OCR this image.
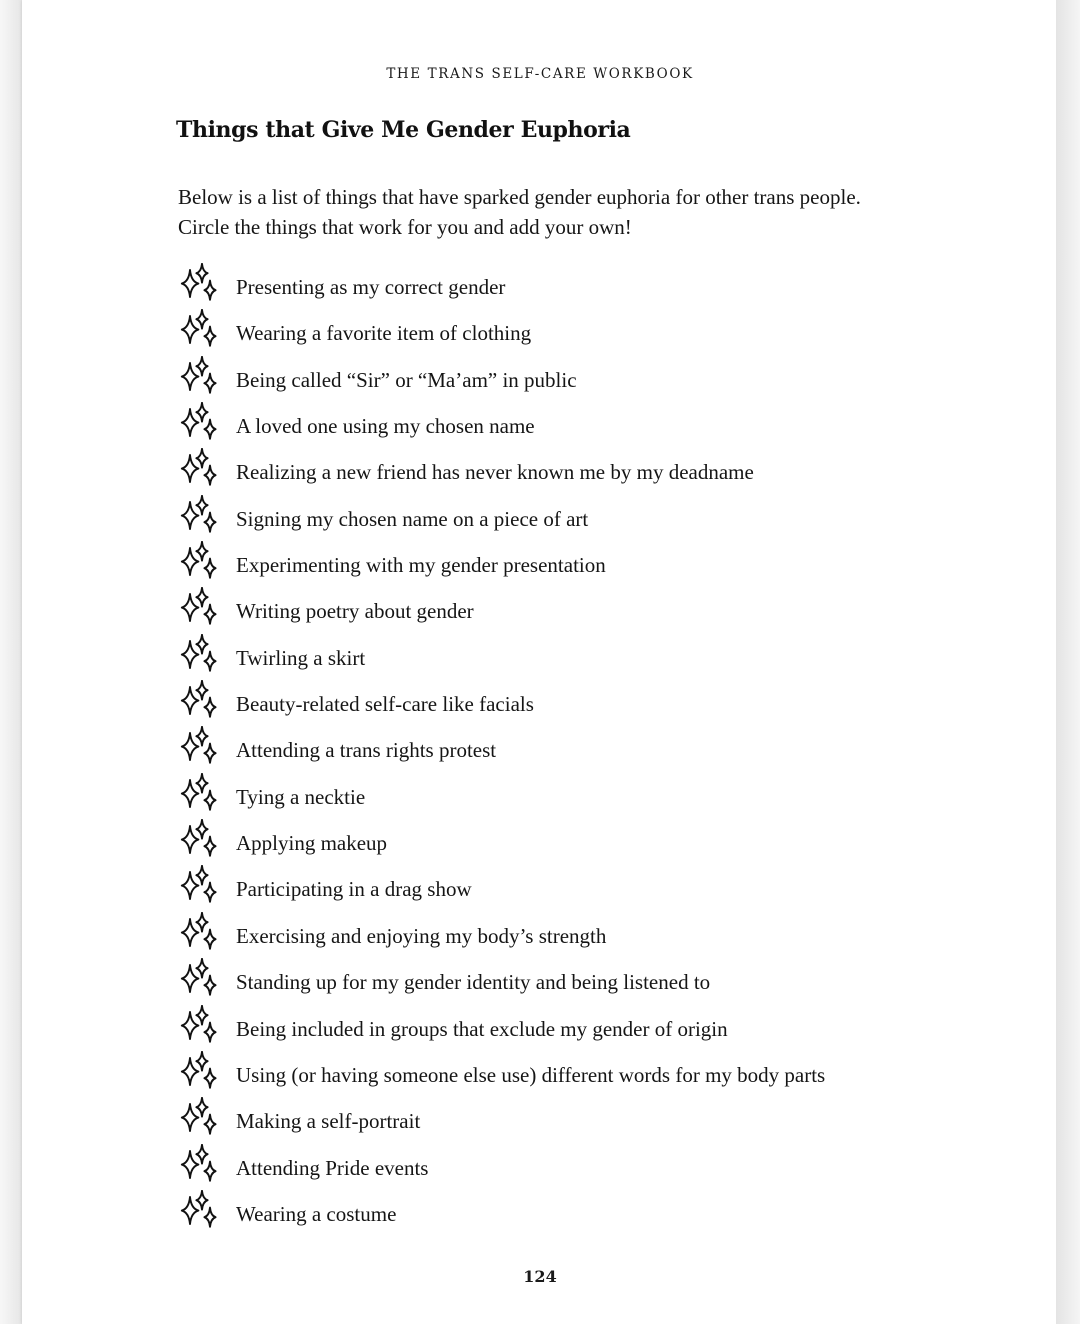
THE TRANS SELF-CARE WORKBOOK
Things that Give Me Gender Euphoria
Below is a list of things that have sparked gender euphoria for other trans people. Circle the things that work for you and add your own!
Presenting as my correct gender
Wearing a favorite item of clothing
Being called “Sir” or “Ma’am” in public
A loved one using my chosen name
Realizing a new friend has never known me by my deadname
Signing my chosen name on a piece of art
Experimenting with my gender presentation
Writing poetry about gender
Twirling a skirt
Beauty-related self-care like facials
Attending a trans rights protest
Tying a necktie
Applying makeup
Participating in a drag show
Exercising and enjoying my body’s strength
Standing up for my gender identity and being listened to
Being included in groups that exclude my gender of origin
Using (or having someone else use) different words for my body parts
Making a self-portrait
Attending Pride events
Wearing a costume
124
